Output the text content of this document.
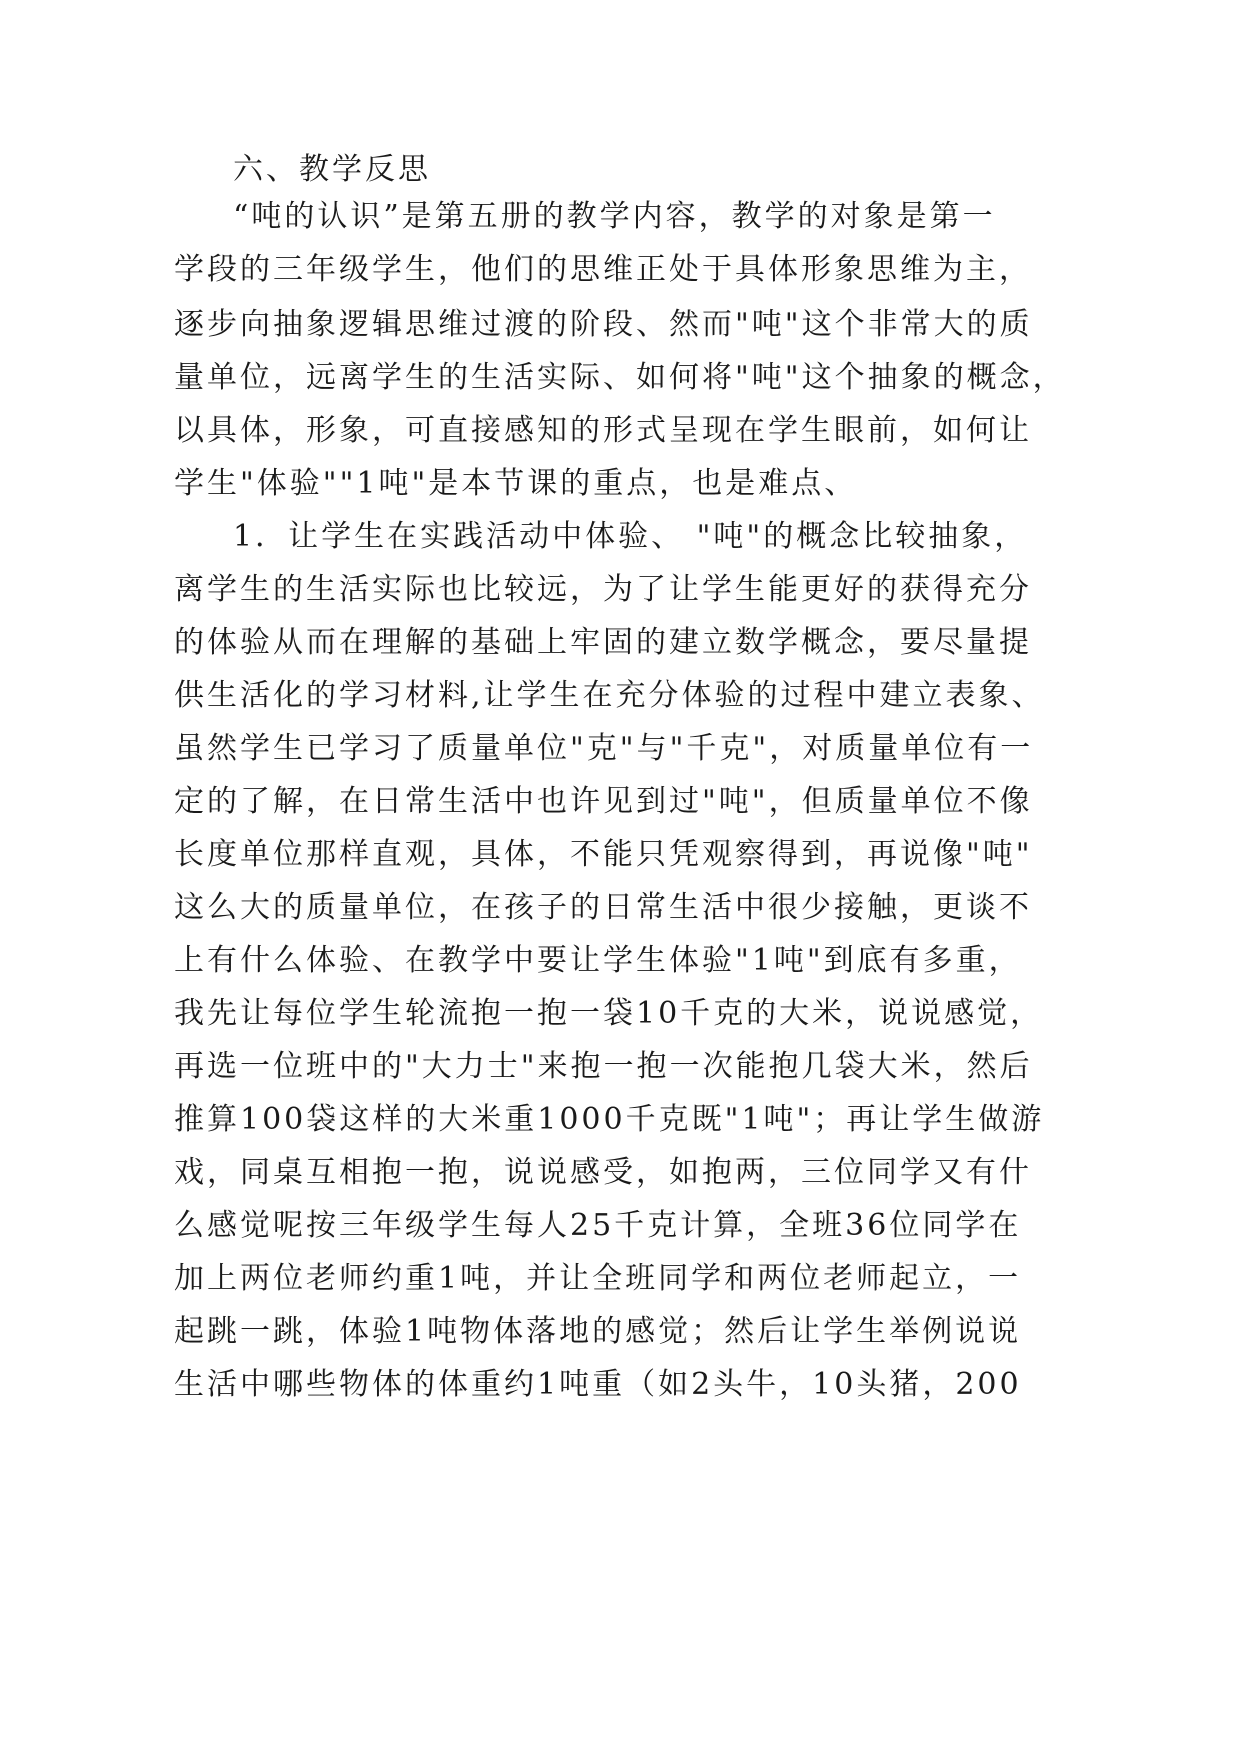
六、教学反思

“吨的认识”是第五册的教学内容，教学的对象是第一

学段的三年级学生，他们的思维正处于具体形象思维为主，

逐步向抽象逻辑思维过渡的阶段、然而"吨"这个非常大的质

量单位，远离学生的生活实际、如何将"吨"这个抽象的概念，

以具体，形象，可直接感知的形式呈现在学生眼前，如何让

学生"体验""1吨"是本节课的重点，也是难点、

1．让学生在实践活动中体验、 "吨"的概念比较抽象，

离学生的生活实际也比较远，为了让学生能更好的获得充分

的体验从而在理解的基础上牢固的建立数学概念，要尽量提

供生活化的学习材料,让学生在充分体验的过程中建立表象、

虽然学生已学习了质量单位"克"与"千克"，对质量单位有一

定的了解，在日常生活中也许见到过"吨"，但质量单位不像

长度单位那样直观，具体，不能只凭观察得到，再说像"吨"

这么大的质量单位，在孩子的日常生活中很少接触，更谈不

上有什么体验、在教学中要让学生体验"1吨"到底有多重，

我先让每位学生轮流抱一抱一袋10千克的大米，说说感觉，

再选一位班中的"大力士"来抱一抱一次能抱几袋大米，然后

推算100袋这样的大米重1000千克既"1吨"；再让学生做游

戏，同桌互相抱一抱，说说感受，如抱两，三位同学又有什

么感觉呢按三年级学生每人25千克计算，全班36位同学在

加上两位老师约重1吨，并让全班同学和两位老师起立，一

起跳一跳，体验1吨物体落地的感觉；然后让学生举例说说

生活中哪些物体的体重约1吨重（如2头牛，10头猪，200
